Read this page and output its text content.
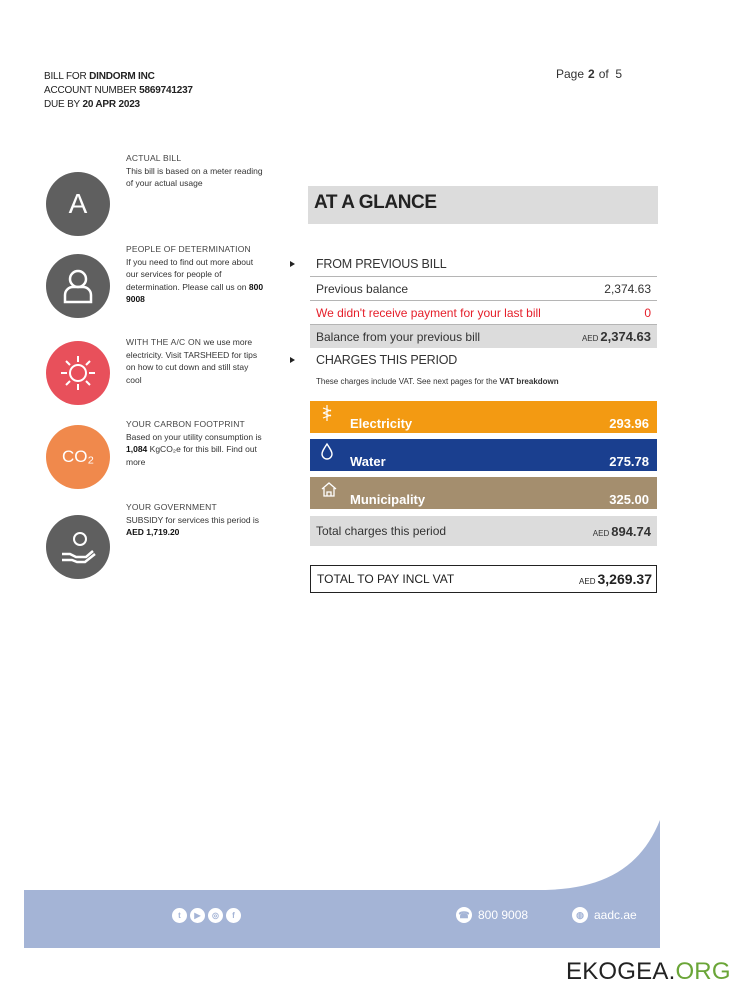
BILL FOR DINDORM INC
ACCOUNT NUMBER 5869741237
DUE BY 20 APR 2023
Page 2 of 5
A
ACTUAL BILL
This bill is based on a meter reading of your actual usage
PEOPLE OF DETERMINATION
If you need to find out more about our services for people of determination. Please call us on 800 9008
WITH THE A/C ON we use more electricity. Visit TARSHEED for tips on how to cut down and still stay cool
CO₂
YOUR CARBON FOOTPRINT
Based on your utility consumption is 1,084 KgCO₂e for this bill. Find out more
YOUR GOVERNMENT
SUBSIDY for services this period is AED 1,719.20
AT A GLANCE
FROM PREVIOUS BILL
Previous balance	2,374.63
We didn't receive payment for your last bill	0
Balance from your previous bill	AED 2,374.63
CHARGES THIS PERIOD
These charges include VAT. See next pages for the VAT breakdown
Electricity	293.96
Water	275.78
Municipality	325.00
Total charges this period	AED 894.74
TOTAL TO PAY INCL VAT	AED 3,269.37
t	▶	◎	f	☎ 800 9008	◍ aadc.ae
EKOGEA.ORG
